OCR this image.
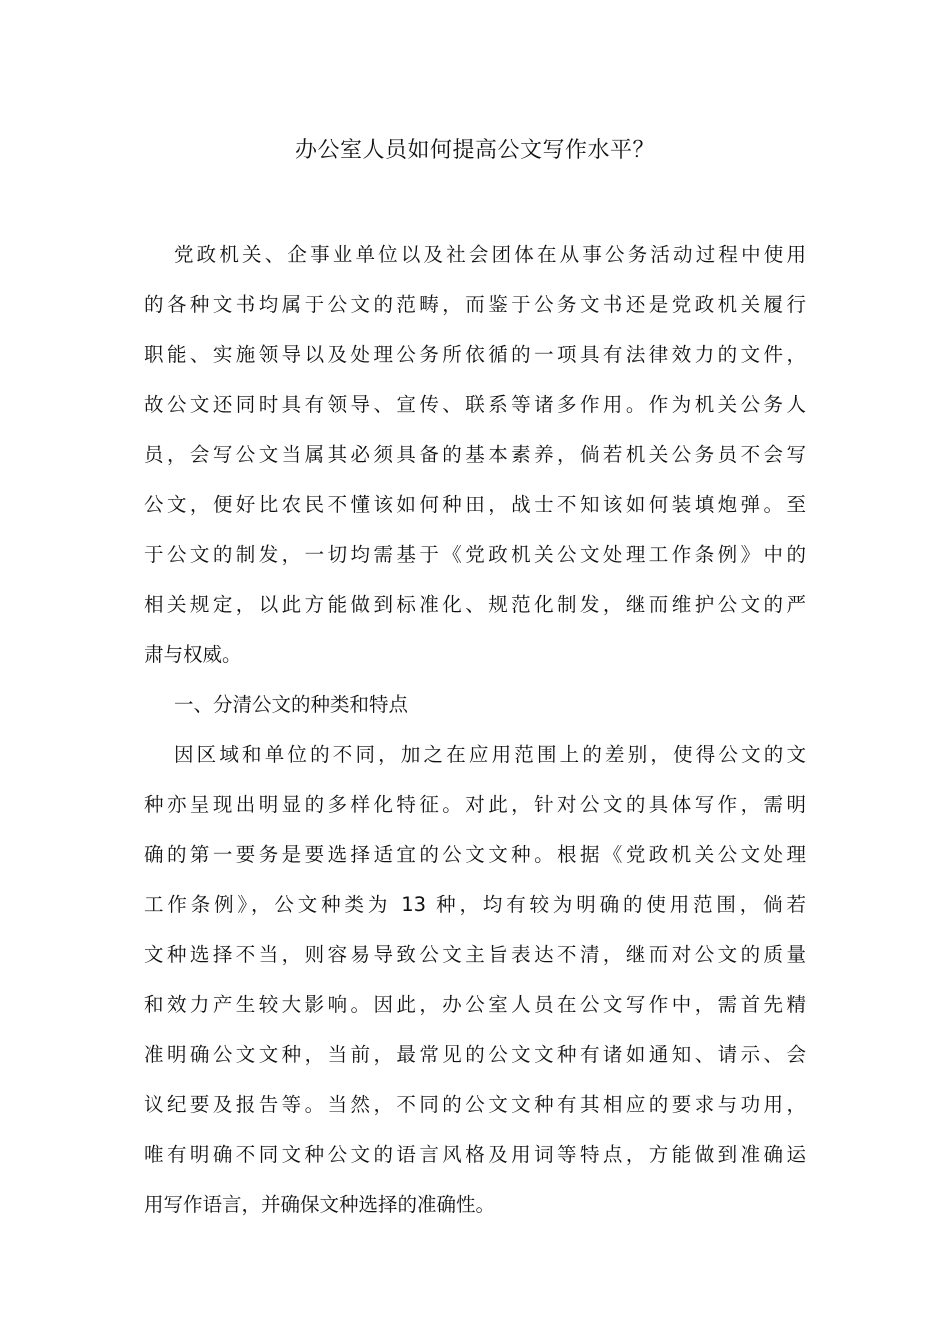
办公室人员如何提高公文写作水平？
党政机关、企事业单位以及社会团体在从事公务活动过程中使用
的各种文书均属于公文的范畴，而鉴于公务文书还是党政机关履行
职能、实施领导以及处理公务所依循的一项具有法律效力的文件，
故公文还同时具有领导、宣传、联系等诸多作用。作为机关公务人
员，会写公文当属其必须具备的基本素养，倘若机关公务员不会写
公文，便好比农民不懂该如何种田，战士不知该如何装填炮弹。至
于公文的制发，一切均需基于《党政机关公文处理工作条例》中的
相关规定，以此方能做到标准化、规范化制发，继而维护公文的严
肃与权威。
一、分清公文的种类和特点
因区域和单位的不同，加之在应用范围上的差别，使得公文的文
种亦呈现出明显的多样化特征。对此，针对公文的具体写作，需明
确的第一要务是要选择适宜的公文文种。根据《党政机关公文处理
工作条例》，公文种类为 13 种，均有较为明确的使用范围，倘若
文种选择不当，则容易导致公文主旨表达不清，继而对公文的质量
和效力产生较大影响。因此，办公室人员在公文写作中，需首先精
准明确公文文种，当前，最常见的公文文种有诸如通知、请示、会
议纪要及报告等。当然，不同的公文文种有其相应的要求与功用，
唯有明确不同文种公文的语言风格及用词等特点，方能做到准确运
用写作语言，并确保文种选择的准确性。
